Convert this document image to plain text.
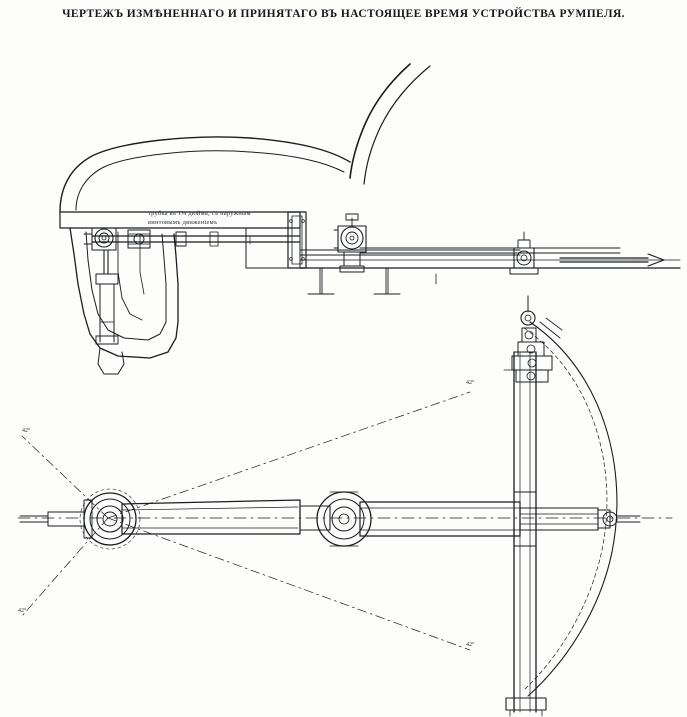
ЧЕРТЕЖЪ ИЗМѢНЕННАГО И ПРИНЯТАГО ВЪ НАСТОЯЩЕЕ ВРЕМЯ УСТРОЙСТВА РУМПЕЛЯ.
трубка въ 1¼ дюйма, съ наружным
винтовымъ движеніемъ
42°
42°
42°
42°
